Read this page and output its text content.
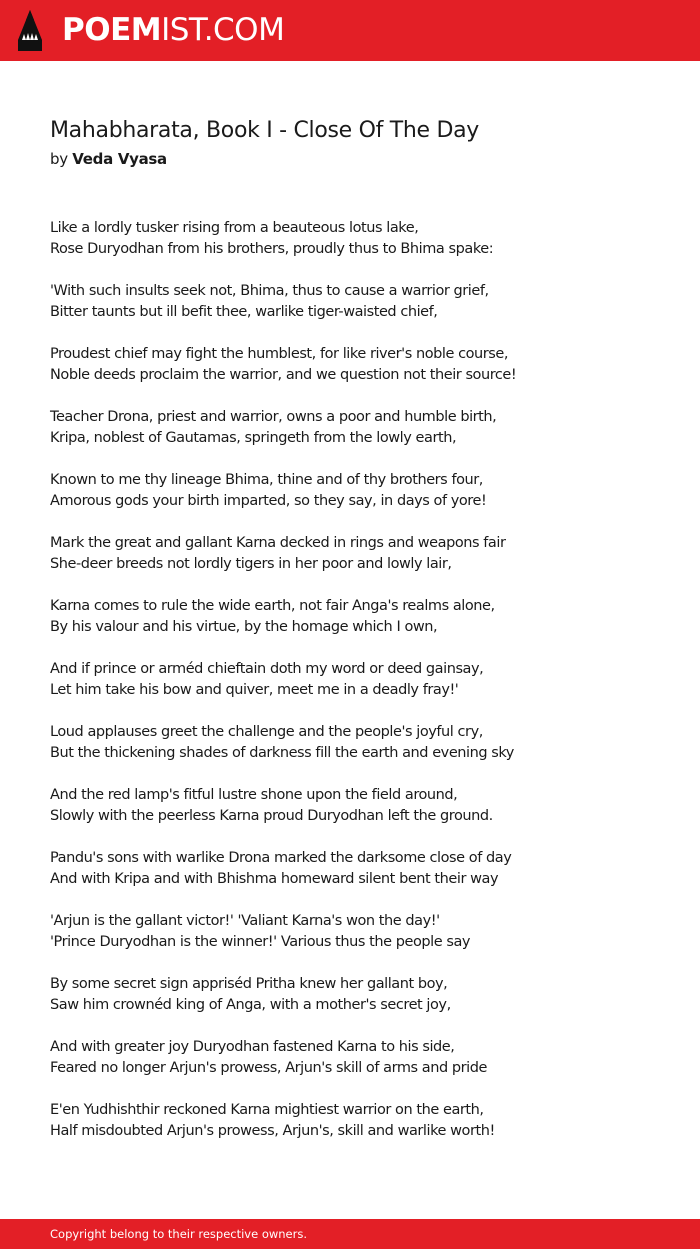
POEMIST.COM
Mahabharata, Book I - Close Of The Day
by Veda Vyasa
Like a lordly tusker rising from a beauteous lotus lake,
Rose Duryodhan from his brothers, proudly thus to Bhima spake:
'With such insults seek not, Bhima, thus to cause a warrior grief,
Bitter taunts but ill befit thee, warlike tiger-waisted chief,
Proudest chief may fight the humblest, for like river's noble course,
Noble deeds proclaim the warrior, and we question not their source!
Teacher Drona, priest and warrior, owns a poor and humble birth,
Kripa, noblest of Gautamas, springeth from the lowly earth,
Known to me thy lineage Bhima, thine and of thy brothers four,
Amorous gods your birth imparted, so they say, in days of yore!
Mark the great and gallant Karna decked in rings and weapons fair
She-deer breeds not lordly tigers in her poor and lowly lair,
Karna comes to rule the wide earth, not fair Anga's realms alone,
By his valour and his virtue, by the homage which I own,
And if prince or arméd chieftain doth my word or deed gainsay,
Let him take his bow and quiver, meet me in a deadly fray!'
Loud applauses greet the challenge and the people's joyful cry,
But the thickening shades of darkness fill the earth and evening sky
And the red lamp's fitful lustre shone upon the field around,
Slowly with the peerless Karna proud Duryodhan left the ground.
Pandu's sons with warlike Drona marked the darksome close of day
And with Kripa and with Bhishma homeward silent bent their way
'Arjun is the gallant victor!' 'Valiant Karna's won the day!'
'Prince Duryodhan is the winner!' Various thus the people say
By some secret sign appriséd Pritha knew her gallant boy,
Saw him crownéd king of Anga, with a mother's secret joy,
And with greater joy Duryodhan fastened Karna to his side,
Feared no longer Arjun's prowess, Arjun's skill of arms and pride
E'en Yudhishthir reckoned Karna mightiest warrior on the earth,
Half misdoubted Arjun's prowess, Arjun's, skill and warlike worth!
Copyright belong to their respective owners.
